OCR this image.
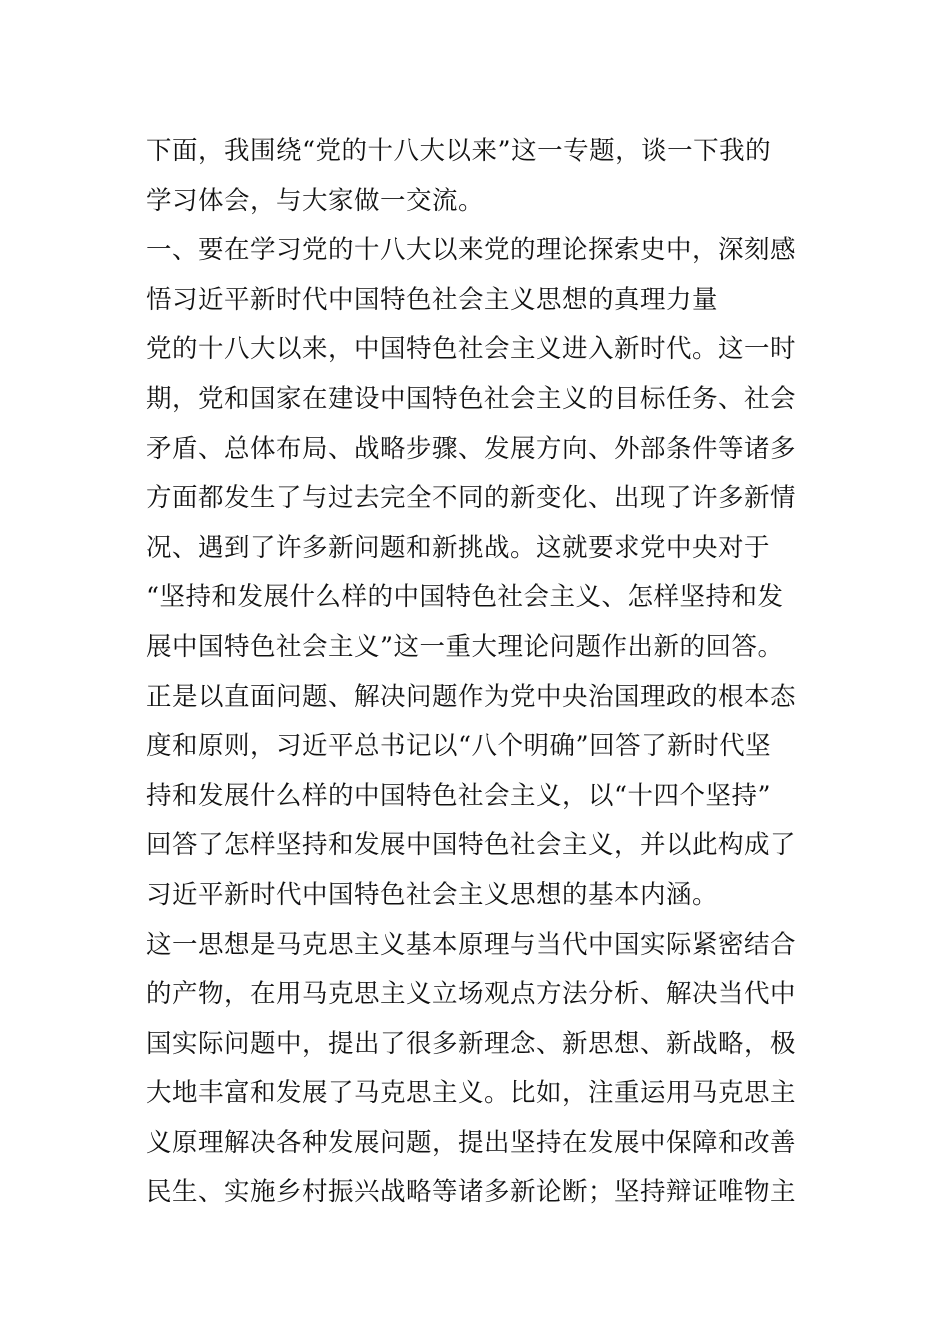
下面，我围绕“党的十八大以来”这一专题，谈一下我的
学习体会，与大家做一交流。
一、要在学习党的十八大以来党的理论探索史中，深刻感
悟习近平新时代中国特色社会主义思想的真理力量
党的十八大以来，中国特色社会主义进入新时代。这一时
期，党和国家在建设中国特色社会主义的目标任务、社会
矛盾、总体布局、战略步骤、发展方向、外部条件等诸多
方面都发生了与过去完全不同的新变化、出现了许多新情
况、遇到了许多新问题和新挑战。这就要求党中央对于
“坚持和发展什么样的中国特色社会主义、怎样坚持和发
展中国特色社会主义”这一重大理论问题作出新的回答。
正是以直面问题、解决问题作为党中央治国理政的根本态
度和原则，习近平总书记以“八个明确”回答了新时代坚
持和发展什么样的中国特色社会主义，以“十四个坚持”
回答了怎样坚持和发展中国特色社会主义，并以此构成了
习近平新时代中国特色社会主义思想的基本内涵。
这一思想是马克思主义基本原理与当代中国实际紧密结合
的产物，在用马克思主义立场观点方法分析、解决当代中
国实际问题中，提出了很多新理念、新思想、新战略，极
大地丰富和发展了马克思主义。比如，注重运用马克思主
义原理解决各种发展问题，提出坚持在发展中保障和改善
民生、实施乡村振兴战略等诸多新论断；坚持辩证唯物主
